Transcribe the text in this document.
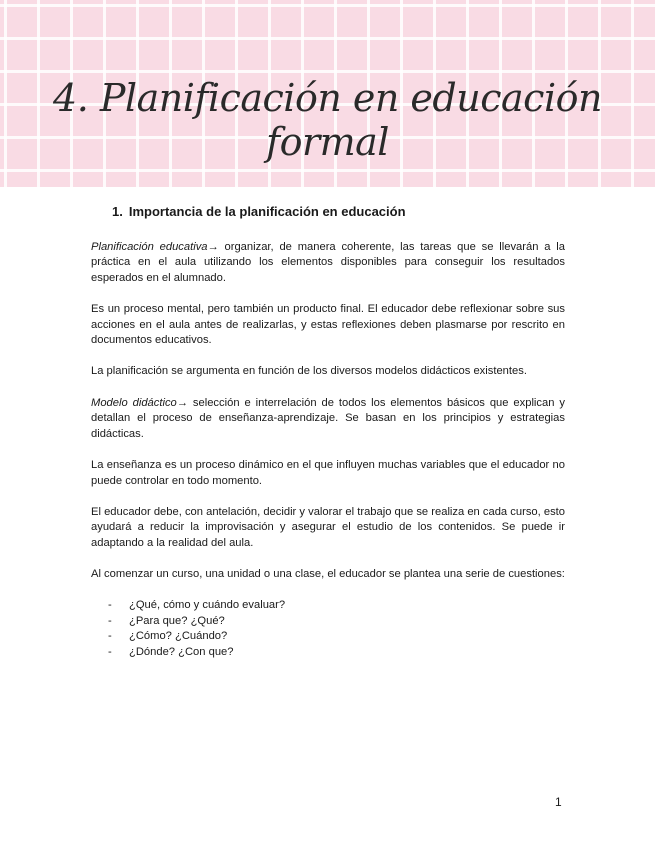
4. Planificación en educación formal
1. Importancia de la planificación en educación

Planificación educativa→ organizar, de manera coherente, las tareas que se llevarán a la práctica en el aula utilizando los elementos disponibles para conseguir los resultados esperados en el alumnado.

Es un proceso mental, pero también un producto final. El educador debe reflexionar sobre sus acciones en el aula antes de realizarlas, y estas reflexiones deben plasmarse por rescrito en documentos educativos.

La planificación se argumenta en función de los diversos modelos didácticos existentes.

Modelo didáctico→ selección e interrelación de todos los elementos básicos que explican y detallan el proceso de enseñanza-aprendizaje. Se basan en los principios y estrategias didácticas.

La enseñanza es un proceso dinámico en el que influyen muchas variables que el educador no puede controlar en todo momento.

El educador debe, con antelación, decidir y valorar el trabajo que se realiza en cada curso, esto ayudará a reducir la improvisación y asegurar el estudio de los contenidos. Se puede ir adaptando a la realidad del aula.

Al comenzar un curso, una unidad o una clase, el educador se plantea una serie de cuestiones:

- ¿Qué, cómo y cuándo evaluar?
- ¿Para que? ¿Qué?
- ¿Cómo? ¿Cuándo?
- ¿Dónde? ¿Con que?
1
